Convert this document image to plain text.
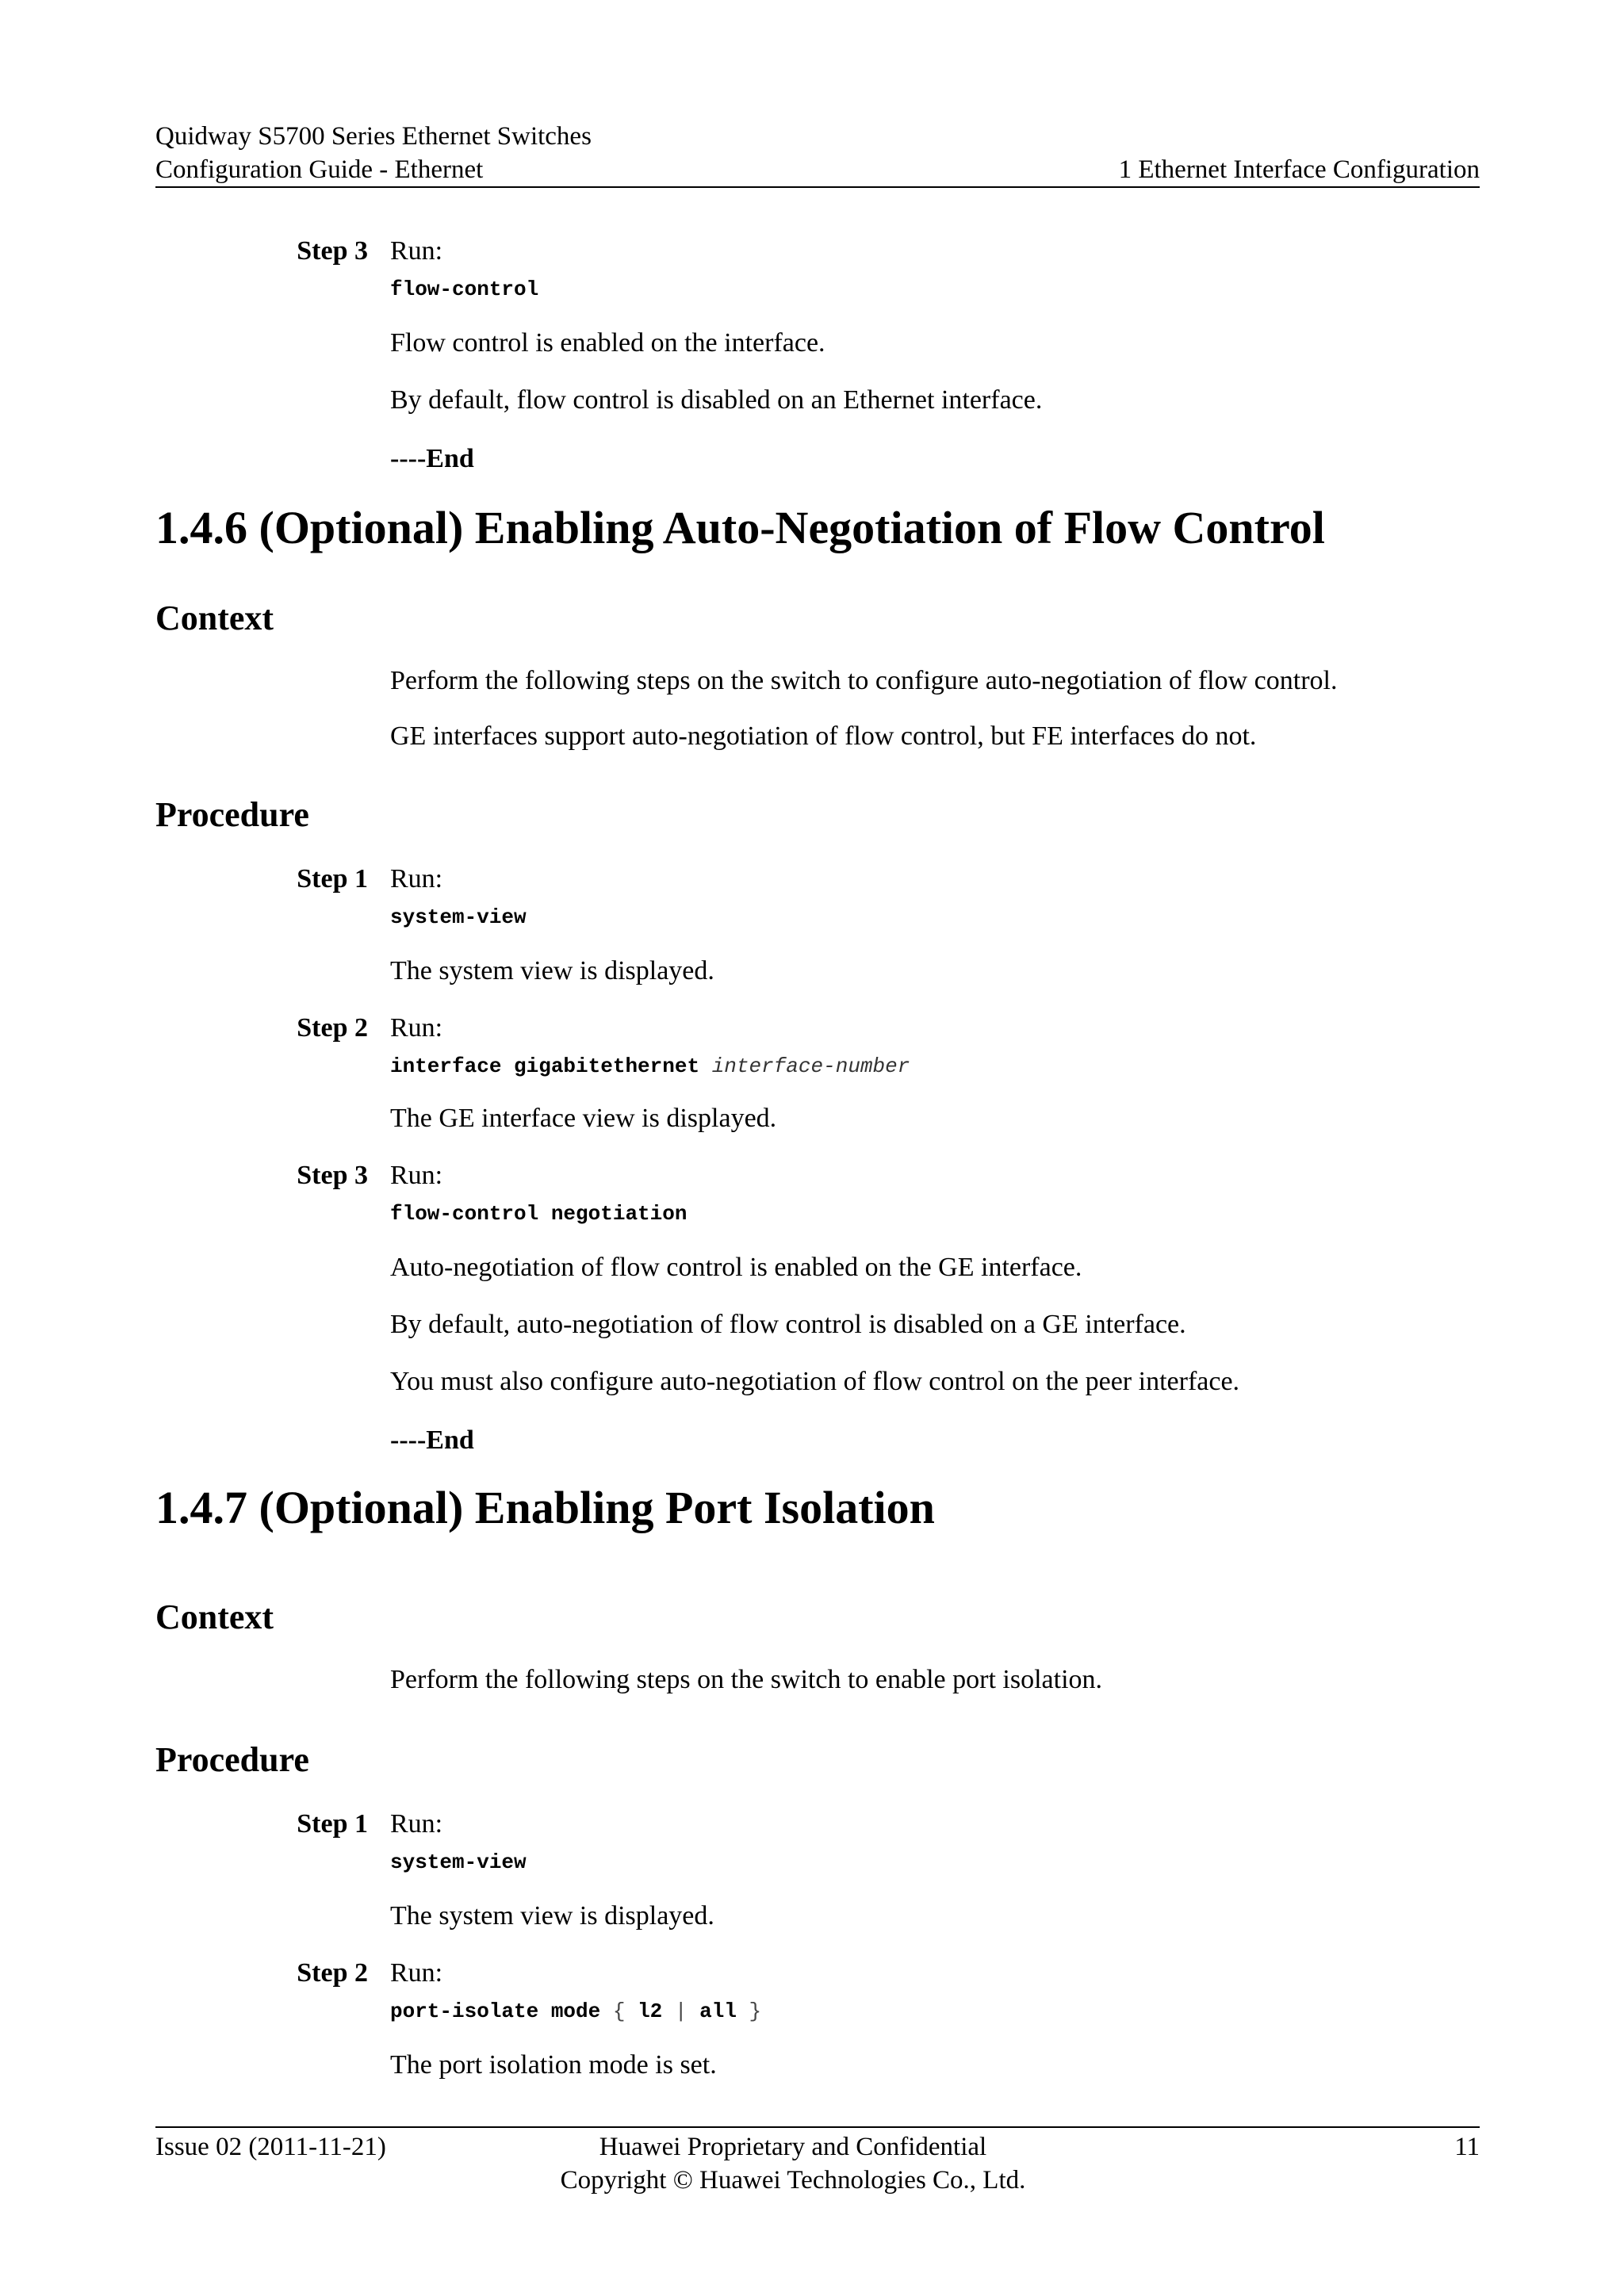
Quidway S5700 Series Ethernet Switches
Configuration Guide - Ethernet	1 Ethernet Interface Configuration
Step 3 Run:
flow-control
Flow control is enabled on the interface.
By default, flow control is disabled on an Ethernet interface.
----End
1.4.6 (Optional) Enabling Auto-Negotiation of Flow Control
Context
Perform the following steps on the switch to configure auto-negotiation of flow control.
GE interfaces support auto-negotiation of flow control, but FE interfaces do not.
Procedure
Step 1 Run:
system-view
The system view is displayed.
Step 2 Run:
interface gigabitethernet interface-number
The GE interface view is displayed.
Step 3 Run:
flow-control negotiation
Auto-negotiation of flow control is enabled on the GE interface.
By default, auto-negotiation of flow control is disabled on a GE interface.
You must also configure auto-negotiation of flow control on the peer interface.
----End
1.4.7 (Optional) Enabling Port Isolation
Context
Perform the following steps on the switch to enable port isolation.
Procedure
Step 1 Run:
system-view
The system view is displayed.
Step 2 Run:
port-isolate mode { l2 | all }
The port isolation mode is set.
Issue 02 (2011-11-21)	Huawei Proprietary and Confidential
Copyright © Huawei Technologies Co., Ltd.
11
